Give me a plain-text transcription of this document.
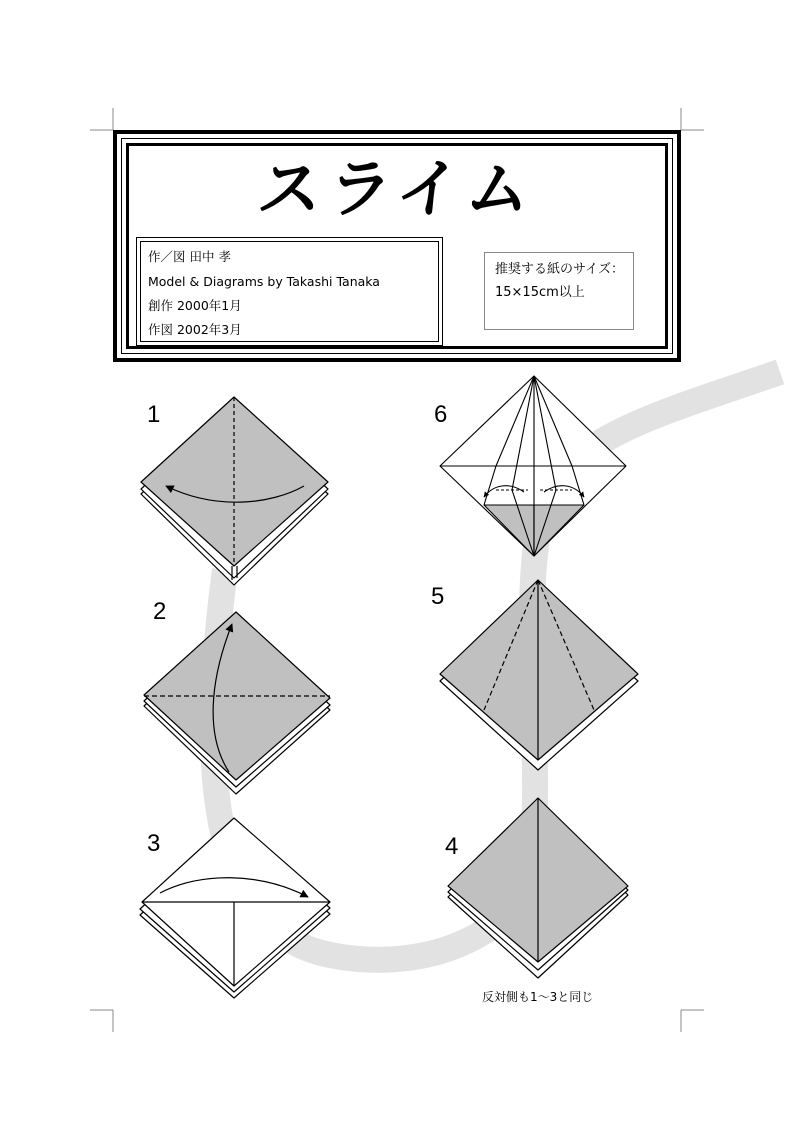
スライム
作／図 田中 孝
Model & Diagrams by Takashi Tanaka
創作 2000年1月
作図 2002年3月
推奨する紙のサイズ：
15×15cm以上
1
2
3	4
5
6
反対側も1～3と同じ
